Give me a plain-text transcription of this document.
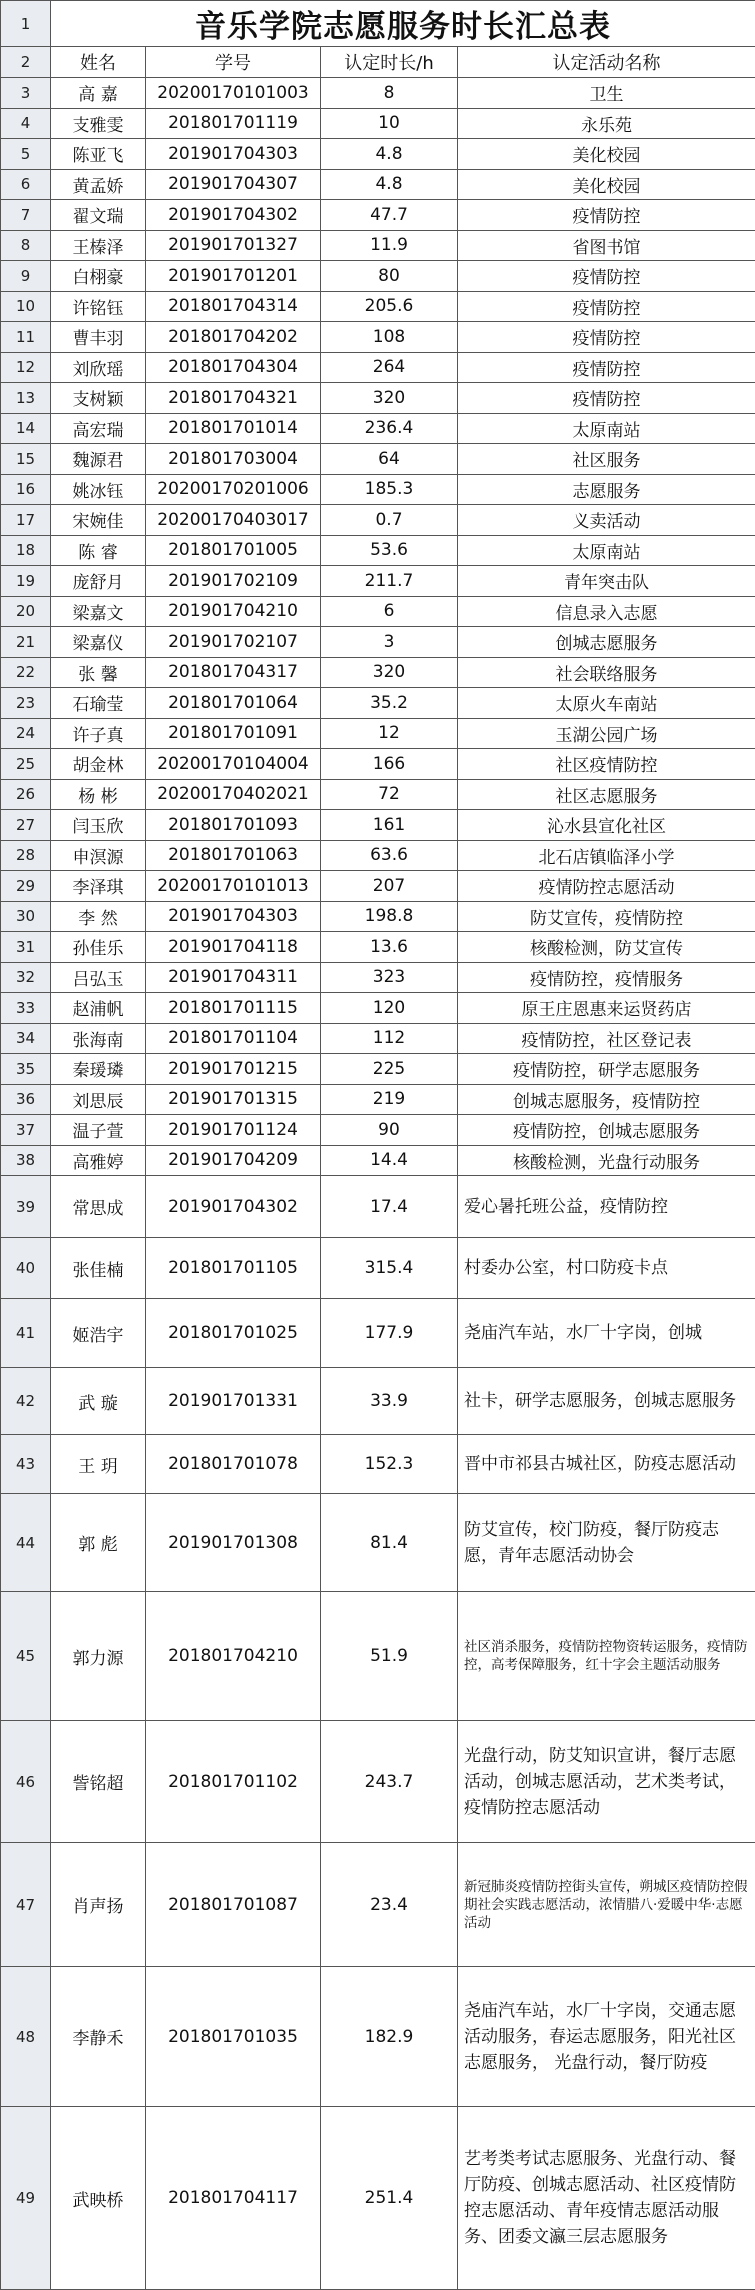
1	音乐学院志愿服务时长汇总表			
2	姓名	学号	认定时长/h	认定活动名称
3	高 嘉	20200170101003	8	卫生
4	支雅雯	201801701119	10	永乐苑
5	陈亚飞	201901704303	4.8	美化校园
6	黄孟娇	201901704307	4.8	美化校园
7	翟文瑞	201901704302	47.7	疫情防控
8	王榛泽	201901701327	11.9	省图书馆
9	白栩豪	201901701201	80	疫情防控
10	许铭钰	201801704314	205.6	疫情防控
11	曹丰羽	201801704202	108	疫情防控
12	刘欣瑶	201801704304	264	疫情防控
13	支树颖	201801704321	320	疫情防控
14	高宏瑞	201801701014	236.4	太原南站
15	魏源君	201801703004	64	社区服务
16	姚冰钰	20200170201006	185.3	志愿服务
17	宋婉佳	20200170403017	0.7	义卖活动
18	陈 睿	201801701005	53.6	太原南站
19	庞舒月	201901702109	211.7	青年突击队
20	梁嘉文	201901704210	6	信息录入志愿
21	梁嘉仪	201901702107	3	创城志愿服务
22	张 馨	201801704317	320	社会联络服务
23	石瑜莹	201801701064	35.2	太原火车南站
24	许子真	201801701091	12	玉湖公园广场
25	胡金林	20200170104004	166	社区疫情防控
26	杨 彬	20200170402021	72	社区志愿服务
27	闫玉欣	201801701093	161	沁水县宣化社区
28	申溟源	201801701063	63.6	北石店镇临泽小学
29	李泽琪	20200170101013	207	疫情防控志愿活动
30	李 然	201901704303	198.8	防艾宣传，疫情防控
31	孙佳乐	201901704118	13.6	核酸检测，防艾宣传
32	吕弘玉	201901704311	323	疫情防控，疫情服务
33	赵浦帆	201801701115	120	原王庄恩惠来运贤药店
34	张海南	201801701104	112	疫情防控，社区登记表
35	秦瑗璘	201901701215	225	疫情防控，研学志愿服务
36	刘思辰	201901701315	219	创城志愿服务，疫情防控
37	温子萱	201901701124	90	疫情防控，创城志愿服务
38	高雅婷	201901704209	14.4	核酸检测，光盘行动服务
39	常思成	201901704302	17.4	爱心暑托班公益，疫情防控
40	张佳楠	201801701105	315.4	村委办公室，村口防疫卡点
41	姬浩宇	201801701025	177.9	尧庙汽车站，水厂十字岗，创城
42	武 璇	201901701331	33.9	社卡，研学志愿服务，创城志愿服务
43	王 玥	201801701078	152.3	晋中市祁县古城社区，防疫志愿活动
44	郭 彪	201901701308	81.4	防艾宣传，校门防疫，餐厅防疫志愿，青年志愿活动协会
45	郭力源	201801704210	51.9	社区消杀服务，疫情防控物资转运服务，疫情防控，高考保障服务，红十字会主题活动服务
46	訾铭超	201801701102	243.7	光盘行动，防艾知识宣讲，餐厅志愿活动，创城志愿活动，艺术类考试，疫情防控志愿活动
47	肖声扬	201801701087	23.4	新冠肺炎疫情防控街头宣传，朔城区疫情防控假期社会实践志愿活动，浓情腊八·爱暖中华·志愿活动
48	李静禾	201801701035	182.9	尧庙汽车站，水厂十字岗，交通志愿活动服务，春运志愿服务，阳光社区志愿服务， 光盘行动，餐厅防疫
49	武映桥	201801704117	251.4	艺考类考试志愿服务、光盘行动、餐厅防疫、创城志愿活动、社区疫情防控志愿活动、青年疫情志愿活动服务、团委文瀛三层志愿服务
